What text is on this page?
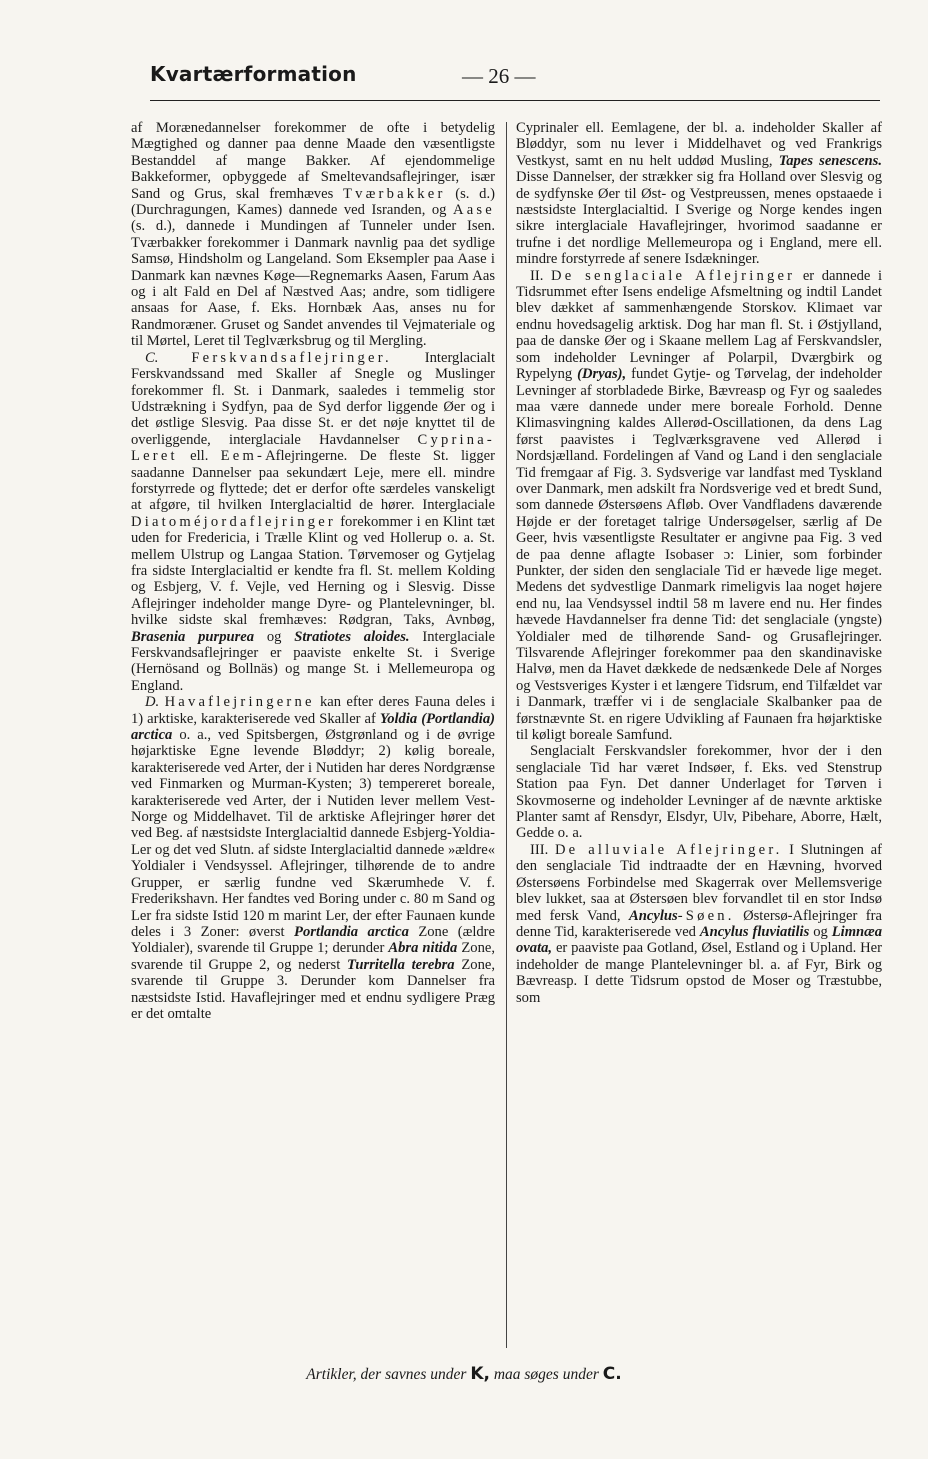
Kvartærformation	— 26 —

af Morænedannelser forekommer de ofte i betydelig Mægtighed og danner paa denne Maade den væsentligste Bestanddel af mange Bakker. Af ejendommelige Bakkeformer, opbyggede af Smeltevandsaflejringer, især Sand og Grus, skal fremhæves Tværbakker (s. d.) (Durchragungen, Kames) dannede ved Isranden, og Aase (s. d.), dannede i Mundingen af Tunneler under Isen. Tværbakker forekommer i Danmark navnlig paa det sydlige Samsø, Hindsholm og Langeland. Som Eksempler paa Aase i Danmark kan nævnes Køge—Regnemarks Aasen, Farum Aas og i alt Fald en Del af Næstved Aas; andre, som tidligere ansaas for Aase, f. Eks. Hornbæk Aas, anses nu for Randmoræner. Gruset og Sandet anvendes til Vejmateriale og til Mørtel, Leret til Teglværksbrug og til Mergling.

C. Ferskvandsaflejringer. Interglacialt Ferskvandssand med Skaller af Snegle og Muslinger forekommer fl. St. i Danmark, saaledes i temmelig stor Udstrækning i Sydfyn, paa de Syd derfor liggende Øer og i det østlige Slesvig. Paa disse St. er det nøje knyttet til de overliggende, interglaciale Havdannelser Cyprina-Leret ell. Eem-Aflejringerne. De fleste St. ligger saadanne Dannelser paa sekundært Leje, mere ell. mindre forstyrrede og flyttede; det er derfor ofte særdeles vanskeligt at afgøre, til hvilken Interglacialtid de hører. Interglaciale Diatoméjordaflejringer forekommer i en Klint tæt uden for Fredericia, i Trælle Klint og ved Hollerup o. a. St. mellem Ulstrup og Langaa Station. Tørvemoser og Gytjelag fra sidste Interglacialtid er kendte fra fl. St. mellem Kolding og Esbjerg, V. f. Vejle, ved Herning og i Slesvig. Disse Aflejringer indeholder mange Dyre- og Plantelevninger, bl. hvilke sidste skal fremhæves: Rødgran, Taks, Avnbøg, Brasenia purpurea og Stratiotes aloides. Interglaciale Ferskvandsaflejringer er paaviste enkelte St. i Sverige (Hernösand og Bollnäs) og mange St. i Mellemeuropa og England.

D. Havaflejringerne kan efter deres Fauna deles i 1) arktiske, karakteriserede ved Skaller af Yoldia (Portlandia) arctica o. a., ved Spitsbergen, Østgrønland og i de øvrige højarktiske Egne levende Bløddyr; 2) kølig boreale, karakteriserede ved Arter, der i Nutiden har deres Nordgrænse ved Finmarken og Murman-Kysten; 3) tempereret boreale, karakteriserede ved Arter, der i Nutiden lever mellem Vest-Norge og Middelhavet. Til de arktiske Aflejringer hører det ved Beg. af næstsidste Interglacialtid dannede Esbjerg-Yoldia-Ler og det ved Slutn. af sidste Interglacialtid dannede »ældre« Yoldialer i Vendsyssel. Aflejringer, tilhørende de to andre Grupper, er særlig fundne ved Skærumhede V. f. Frederikshavn. Her fandtes ved Boring under c. 80 m Sand og Ler fra sidste Istid 120 m marint Ler, der efter Faunaen kunde deles i 3 Zoner: øverst Portlandia arctica Zone (ældre Yoldialer), svarende til Gruppe 1; derunder Abra nitida Zone, svarende til Gruppe 2, og nederst Turritella terebra Zone, svarende til Gruppe 3. Derunder kom Dannelser fra næstsidste Istid. Havaflejringer med et endnu sydligere Præg er det omtalte

Cyprinaler ell. Eemlagene, der bl. a. indeholder Skaller af Bløddyr, som nu lever i Middelhavet og ved Frankrigs Vestkyst, samt en nu helt uddød Musling, Tapes senescens. Disse Dannelser, der strækker sig fra Holland over Slesvig og de sydfynske Øer til Øst- og Vestpreussen, menes opstaaede i næstsidste Interglacialtid. I Sverige og Norge kendes ingen sikre interglaciale Havaflejringer, hvorimod saadanne er trufne i det nordlige Mellemeuropa og i England, mere ell. mindre forstyrrede af senere Isdækninger.

II. De senglaciale Aflejringer er dannede i Tidsrummet efter Isens endelige Afsmeltning og indtil Landet blev dækket af sammenhængende Storskov. Klimaet var endnu hovedsagelig arktisk. Dog har man fl. St. i Østjylland, paa de danske Øer og i Skaane mellem Lag af Ferskvandsler, som indeholder Levninger af Polarpil, Dværgbirk og Rypelyng (Dryas), fundet Gytje- og Tørvelag, der indeholder Levninger af storbladede Birke, Bævreasp og Fyr og saaledes maa være dannede under mere boreale Forhold. Denne Klimasvingning kaldes Allerød-Oscillationen, da dens Lag først paavistes i Teglværksgravene ved Allerød i Nordsjælland. Fordelingen af Vand og Land i den senglaciale Tid fremgaar af Fig. 3. Sydsverige var landfast med Tyskland over Danmark, men adskilt fra Nordsverige ved et bredt Sund, som dannede Østersøens Afløb. Over Vandfladens daværende Højde er der foretaget talrige Undersøgelser, særlig af De Geer, hvis væsentligste Resultater er angivne paa Fig. 3 ved de paa denne aflagte Isobaser ɔ: Linier, som forbinder Punkter, der siden den senglaciale Tid er hævede lige meget. Medens det sydvestlige Danmark rimeligvis laa noget højere end nu, laa Vendsyssel indtil 58 m lavere end nu. Her findes hævede Havdannelser fra denne Tid: det senglaciale (yngste) Yoldialer med de tilhørende Sand- og Grusaflejringer. Tilsvarende Aflejringer forekommer paa den skandinaviske Halvø, men da Havet dækkede de nedsænkede Dele af Norges og Vestsveriges Kyster i et længere Tidsrum, end Tilfældet var i Danmark, træffer vi i de senglaciale Skalbanker paa de førstnævnte St. en rigere Udvikling af Faunaen fra højarktiske til køligt boreale Samfund.

Senglacialt Ferskvandsler forekommer, hvor der i den senglaciale Tid har været Indsøer, f. Eks. ved Stenstrup Station paa Fyn. Det danner Underlaget for Tørven i Skovmoserne og indeholder Levninger af de nævnte arktiske Planter samt af Rensdyr, Elsdyr, Ulv, Pibehare, Aborre, Hælt, Gedde o. a.

III. De alluviale Aflejringer. I Slutningen af den senglaciale Tid indtraadte der en Hævning, hvorved Østersøens Forbindelse med Skagerrak over Mellemsverige blev lukket, saa at Østersøen blev forvandlet til en stor Indsø med fersk Vand, Ancylus-Søen. Østersø-Aflejringer fra denne Tid, karakteriserede ved Ancylus fluviatilis og Limnæa ovata, er paaviste paa Gotland, Øsel, Estland og i Upland. Her indeholder de mange Plantelevninger bl. a. af Fyr, Birk og Bævreasp. I dette Tidsrum opstod de Moser og Træstubbe, som

Artikler, der savnes under K, maa søges under C.
